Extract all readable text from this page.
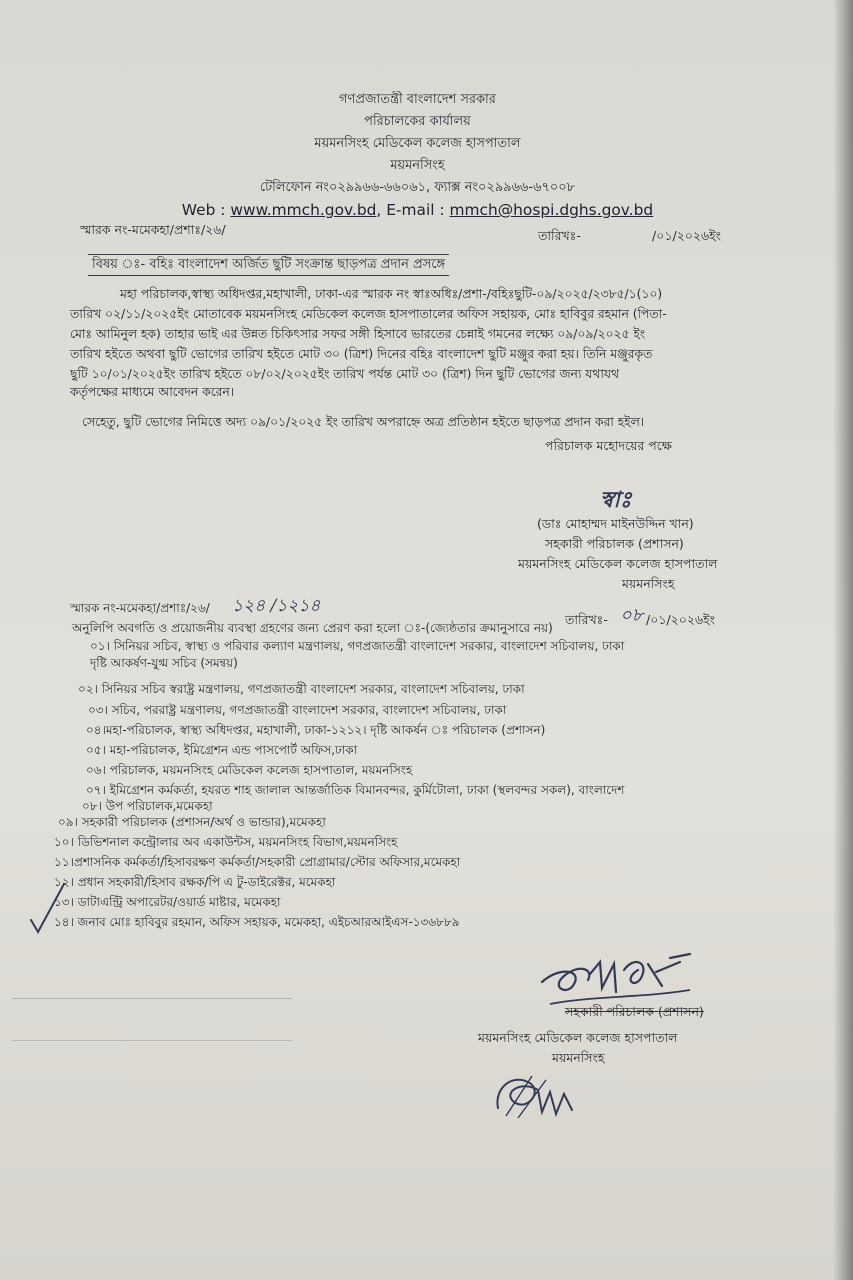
গণপ্রজাতন্ত্রী বাংলাদেশ সরকার
পরিচালকের কার্যালয়
ময়মনসিংহ মেডিকেল কলেজ হাসপাতাল
ময়মনসিংহ
টেলিফোন নং০২৯৯৬৬-৬৬০৬১, ফ্যাক্স নং০২৯৯৬৬-৬৭০০৮
Web : www.mmch.gov.bd, E-mail : mmch@hospi.dghs.gov.bd
স্মারক নং-মমেকহা/প্রশাঃ/২৬/	তারিখঃ-	/০১/২০২৬ইং
বিষয় ঃ- বহিঃ বাংলাদেশ অর্জিত ছুটি সংক্রান্ত ছাড়পত্র প্রদান প্রসঙ্গে
মহা পরিচালক,স্বাস্থ্য অধিদপ্তর,মহাখালী, ঢাকা-এর স্মারক নং স্বাঃঅধিঃ/প্রশা-/বহিঃছুটি-০৯/২০২৫/২৩৮৫/১(১০)
তারিখ ০২/১১/২০২৫ইং মোতাবেক ময়মনসিংহ মেডিকেল কলেজ হাসপাতালের অফিস সহায়ক, মোঃ হাবিবুর রহমান (পিতা-
মোঃ আমিনুল হক) তাহার ভাই এর উন্নত চিকিৎসার সফর সঙ্গী হিসাবে ভারতের চেন্নাই গমনের লক্ষ্যে ০৯/০৯/২০২৫ ইং
তারিখ হইতে অথবা ছুটি ভোগের তারিখ হইতে মোট ৩০ (ত্রিশ) দিনের বহিঃ বাংলাদেশ ছুটি মঞ্জুর করা হয়। তিনি মঞ্জুরকৃত
ছুটি ১০/০১/২০২৫ইং তারিখ হইতে ০৮/০২/২০২৫ইং তারিখ পর্যন্ত মোট ৩০ (ত্রিশ) দিন ছুটি ভোগের জন্য যথাযথ
কর্তৃপক্ষের মাধ্যমে আবেদন করেন।
সেহেতু, ছুটি ভোগের নিমিত্তে অদ্য ০৯/০১/২০২৫ ইং তারিখ অপরাহ্নে অত্র প্রতিষ্ঠান হইতে ছাড়পত্র প্রদান করা হইল।
পরিচালক মহোদয়ের পক্ষে
স্বাঃ
(ডাঃ মোহাম্মদ মাইনউদ্দিন খান)
সহকারী পরিচালক (প্রশাসন)
ময়মনসিংহ মেডিকেল কলেজ হাসপাতাল
ময়মনসিংহ
স্মারক নং-মমেকহা/প্রশাঃ/২৬/ ১২৪ /১২১৪
তারিখঃ- ০৮ /০১/২০২৬ইং
অনুলিপি অবগতি ও প্রয়োজনীয় ব্যবস্থা গ্রহণের জন্য প্রেরণ করা হলো ঃ-(জ্যেষ্ঠতার ক্রমানুসারে নয়)
০১। সিনিয়র সচিব, স্বাস্থ্য ও পরিবার কল্যাণ মন্ত্রণালয়, গণপ্রজাতন্ত্রী বাংলাদেশ সরকার, বাংলাদেশ সচিবালয়, ঢাকা
দৃষ্টি আকর্ষণ-যুগ্ম সচিব (সমন্বয়)
০২। সিনিয়র সচিব স্বরাষ্ট্র মন্ত্রণালয়, গণপ্রজাতন্ত্রী বাংলাদেশ সরকার, বাংলাদেশ সচিবালয়, ঢাকা
০৩। সচিব, পররাষ্ট্র মন্ত্রণালয়, গণপ্রজাতন্ত্রী বাংলাদেশ সরকার, বাংলাদেশ সচিবালয়, ঢাকা
০৪।মহা-পরিচালক, স্বাস্থ্য অধিদপ্তর, মহাখালী, ঢাকা-১২১২। দৃষ্টি আকর্ষন ঃ পরিচালক (প্রশাসন)
০৫। মহা-পরিচালক, ইমিগ্রেশন এন্ড পাসপোর্ট অফিস,ঢাকা
০৬। পরিচালক, ময়মনসিংহ মেডিকেল কলেজ হাসপাতাল, ময়মনসিংহ
০৭। ইমিগ্রেশন কর্মকর্তা, হযরত শাহ জালাল আন্তর্জাতিক বিমানবন্দর, কুর্মিটোলা, ঢাকা (স্থলবন্দর সকল), বাংলাদেশ
০৮। উপ পরিচালক,মমেকহা
০৯। সহকারী পরিচালক (প্রশাসন/অর্থ ও ভান্ডার),মমেকহা
১০। ডিভিশনাল কন্ট্রোলার অব একাউন্টস, ময়মনসিংহ বিভাগ,ময়মনসিংহ
১১।প্রশাসনিক কর্মকর্তা/হিসাবরক্ষণ কর্মকর্তা/সহকারী প্রোগ্রামার/স্টোর অফিসার,মমেকহা
১২। প্রধান সহকারী/হিসাব রক্ষক/পি এ টু-ডাইরেক্টর, মমেকহা
১৩। ডাটাএন্ট্রি অপারেটর/ওয়ার্ড মাষ্টার, মমেকহা
১৪। জনাব মোঃ হাবিবুর রহমান, অফিস সহায়ক, মমেকহা, এইচআরআইএস-১৩৬৮৮৯
সহকারী পরিচালক (প্রশাসন)
ময়মনসিংহ মেডিকেল কলেজ হাসপাতাল
ময়মনসিংহ
